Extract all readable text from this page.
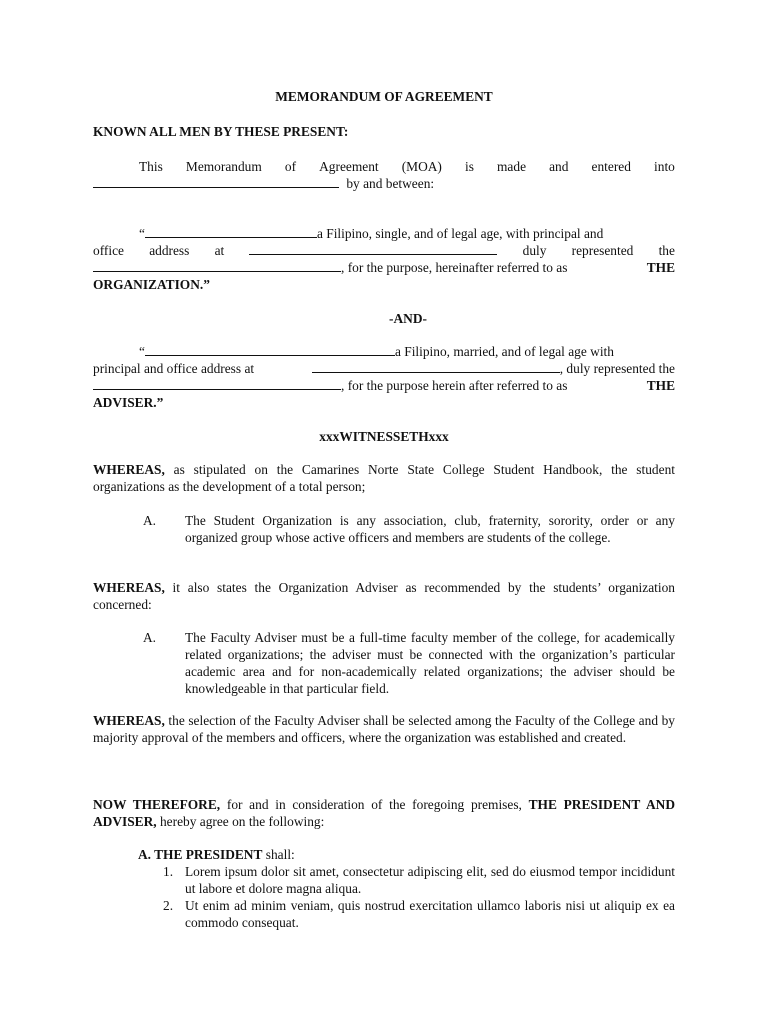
MEMORANDUM OF AGREEMENT
KNOWN ALL MEN BY THESE PRESENT:
This Memorandum of Agreement (MOA) is made and entered into
by and between:
“	a Filipino, single, and of legal age, with principal and
office address at	duly represented the
, for the purpose, hereinafter referred to as	THE
ORGANIZATION.”
-AND-
“	a Filipino, married, and of legal age with
principal and office address at	, duly represented the
, for the purpose herein after referred to as	THE
ADVISER.”
xxxWITNESSETHxxx
WHEREAS, as stipulated on the Camarines Norte State College Student Handbook, the student organizations as the development of a total person;
A. The Student Organization is any association, club, fraternity, sorority, order or any organized group whose active officers and members are students of the college.
WHEREAS, it also states the Organization Adviser as recommended by the students’ organization concerned:
A. The Faculty Adviser must be a full-time faculty member of the college, for academically related organizations; the adviser must be connected with the organization’s particular academic area and for non-academically related organizations; the adviser should be knowledgeable in that particular field.
WHEREAS, the selection of the Faculty Adviser shall be selected among the Faculty of the College and by majority approval of the members and officers, where the organization was established and created.
NOW THEREFORE, for and in consideration of the foregoing premises, THE PRESIDENT AND ADVISER, hereby agree on the following:
A. THE PRESIDENT shall:
1. Lorem ipsum dolor sit amet, consectetur adipiscing elit, sed do eiusmod tempor incididunt ut labore et dolore magna aliqua.
2. Ut enim ad minim veniam, quis nostrud exercitation ullamco laboris nisi ut aliquip ex ea commodo consequat.
